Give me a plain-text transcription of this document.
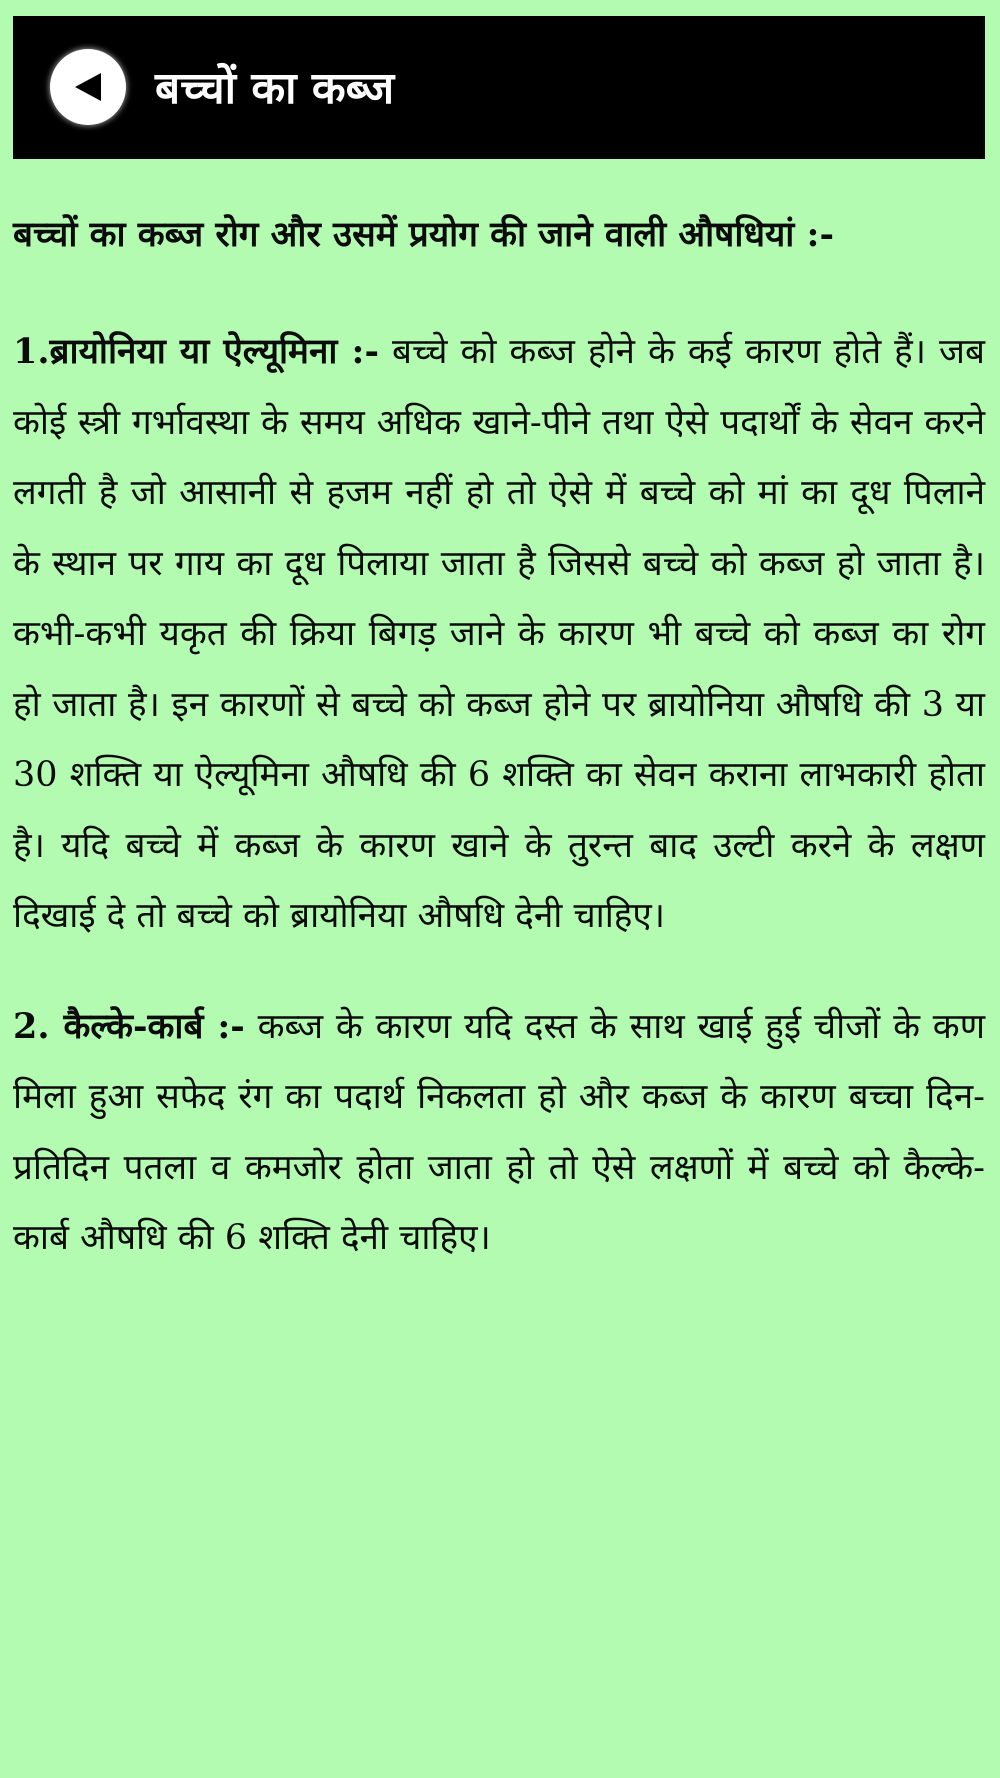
बच्चों का कब्ज

बच्चों का कब्ज रोग और उसमें प्रयोग की जाने वाली औषधियां :-

1.ब्रायोनिया या ऐल्यूमिना :- बच्चे को कब्ज होने के कई कारण होते हैं। जब कोई स्त्री गर्भावस्था के समय अधिक खाने-पीने तथा ऐसे पदार्थों के सेवन करने लगती है जो आसानी से हजम नहीं हो तो ऐसे में बच्चे को मां का दूध पिलाने के स्थान पर गाय का दूध पिलाया जाता है जिससे बच्चे को कब्ज हो जाता है। कभी-कभी यकृत की क्रिया बिगड़ जाने के कारण भी बच्चे को कब्ज का रोग हो जाता है। इन कारणों से बच्चे को कब्ज होने पर ब्रायोनिया औषधि की 3 या 30 शक्ति या ऐल्यूमिना औषधि की 6 शक्ति का सेवन कराना लाभकारी होता है। यदि बच्चे में कब्ज के कारण खाने के तुरन्त बाद उल्टी करने के लक्षण दिखाई दे तो बच्चे को ब्रायोनिया औषधि देनी चाहिए।

2. कैल्के-कार्ब :- कब्ज के कारण यदि दस्त के साथ खाई हुई चीजों के कण मिला हुआ सफेद रंग का पदार्थ निकलता हो और कब्ज के कारण बच्चा दिन-प्रतिदिन पतला व कमजोर होता जाता हो तो ऐसे लक्षणों में बच्चे को कैल्के-कार्ब औषधि की 6 शक्ति देनी चाहिए।
